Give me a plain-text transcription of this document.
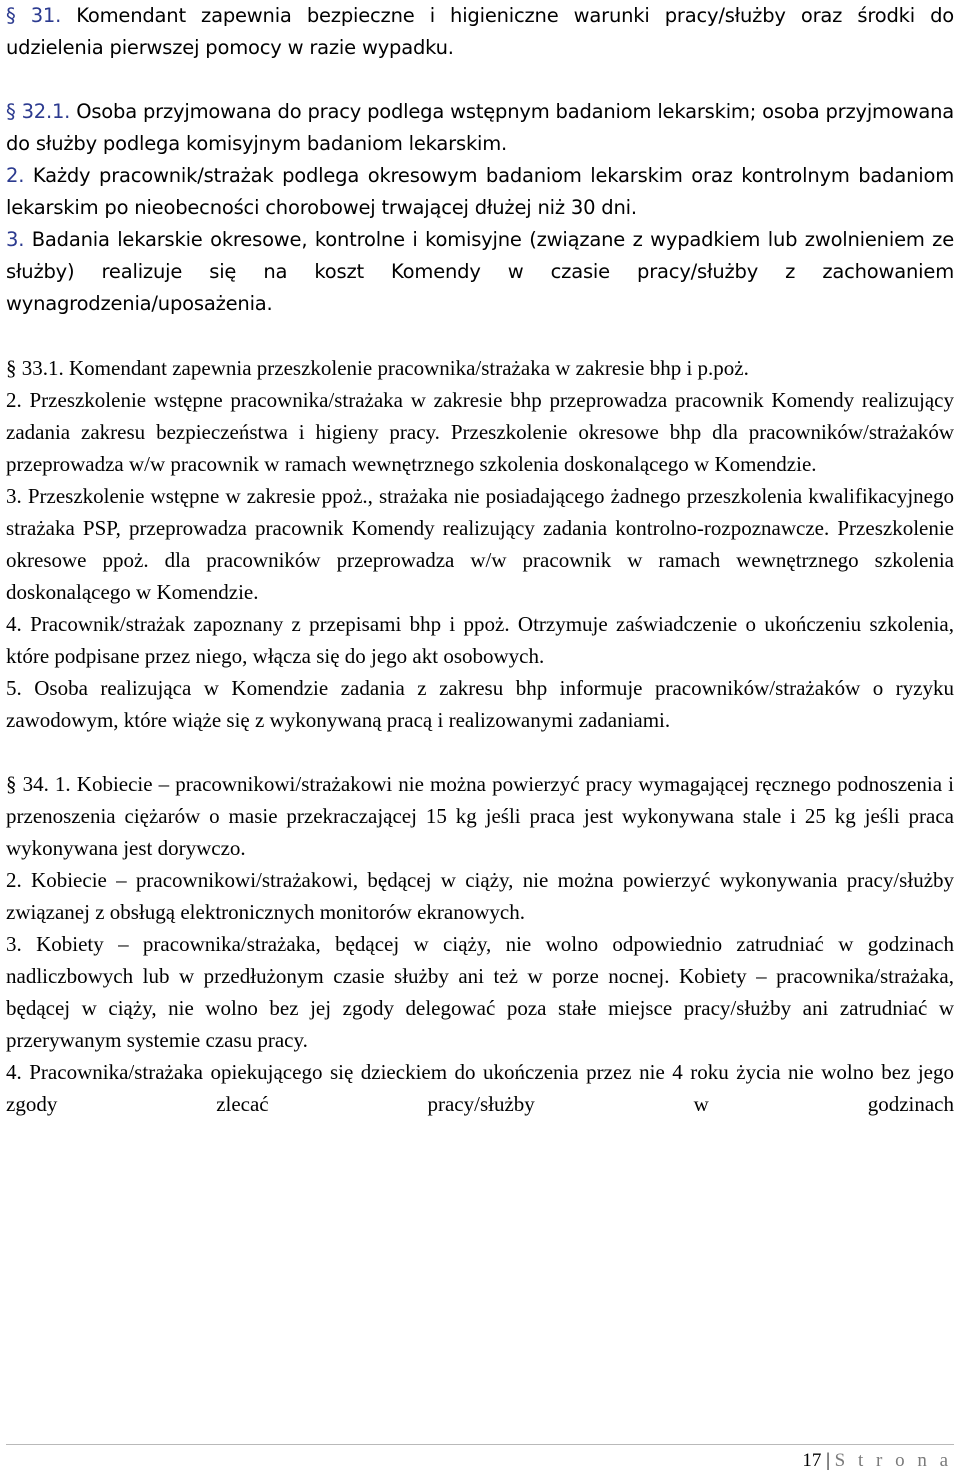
§ 31. Komendant zapewnia bezpieczne i higieniczne warunki pracy/służby oraz środki do udzielenia pierwszej pomocy w razie wypadku.

§ 32.1. Osoba przyjmowana do pracy podlega wstępnym badaniom lekarskim; osoba przyjmowana do służby podlega komisyjnym badaniom lekarskim.

2. Każdy pracownik/strażak podlega okresowym badaniom lekarskim oraz kontrolnym badaniom lekarskim po nieobecności chorobowej trwającej dłużej niż 30 dni.

3. Badania lekarskie okresowe, kontrolne i komisyjne (związane z wypadkiem lub zwolnieniem ze służby) realizuje się na koszt Komendy w czasie pracy/służby z zachowaniem wynagrodzenia/uposażenia.

§ 33.1. Komendant zapewnia przeszkolenie pracownika/strażaka w zakresie bhp i p.poż.

2. Przeszkolenie wstępne pracownika/strażaka w zakresie bhp przeprowadza pracownik Komendy realizujący zadania zakresu bezpieczeństwa i higieny pracy. Przeszkolenie okresowe bhp dla pracowników/strażaków przeprowadza w/w pracownik w ramach wewnętrznego szkolenia doskonalącego w Komendzie.

3. Przeszkolenie wstępne w zakresie ppoż., strażaka nie posiadającego żadnego przeszkolenia kwalifikacyjnego strażaka PSP, przeprowadza pracownik Komendy realizujący zadania kontrolno-rozpoznawcze. Przeszkolenie okresowe ppoż. dla pracowników przeprowadza w/w pracownik w ramach wewnętrznego szkolenia doskonalącego w Komendzie.

4. Pracownik/strażak zapoznany z przepisami bhp i ppoż. Otrzymuje zaświadczenie o ukończeniu szkolenia, które podpisane przez niego, włącza się do jego akt osobowych.

5. Osoba realizująca w Komendzie zadania z zakresu bhp informuje pracowników/strażaków o ryzyku zawodowym, które wiąże się z wykonywaną pracą i realizowanymi zadaniami.

§ 34. 1. Kobiecie – pracownikowi/strażakowi nie można powierzyć pracy wymagającej ręcznego podnoszenia i przenoszenia ciężarów o masie przekraczającej 15 kg jeśli praca jest wykonywana stale i 25 kg jeśli praca wykonywana jest dorywczo.

2. Kobiecie – pracownikowi/strażakowi, będącej w ciąży, nie można powierzyć wykonywania pracy/służby związanej z obsługą elektronicznych monitorów ekranowych.

3. Kobiety – pracownika/strażaka, będącej w ciąży, nie wolno odpowiednio zatrudniać w godzinach nadliczbowych lub w przedłużonym czasie służby ani też w porze nocnej. Kobiety – pracownika/strażaka, będącej w ciąży, nie wolno bez jej zgody delegować poza stałe miejsce pracy/służby ani zatrudniać w przerywanym systemie czasu pracy.

4. Pracownika/strażaka opiekującego się dzieckiem do ukończenia przez nie 4 roku życia nie wolno bez jego zgody zlecać pracy/służby w godzinach

17 | S t r o n a
